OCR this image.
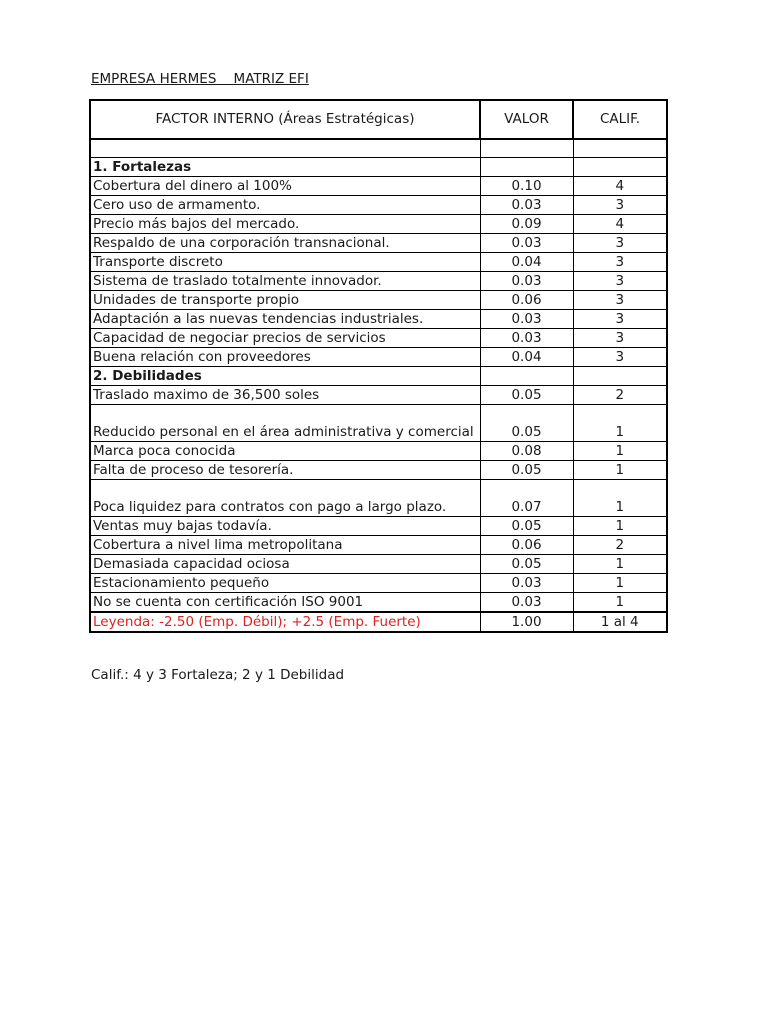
EMPRESA HERMES    MATRIZ EFI
FACTOR INTERNO (Áreas Estratégicas)	VALOR	CALIF.

1. Fortalezas		
Cobertura del dinero al 100%	0.10	4
Cero uso de armamento.	0.03	3
Precio más bajos del mercado.	0.09	4
Respaldo de una corporación transnacional.	0.03	3
Transporte discreto	0.04	3
Sistema de traslado totalmente innovador.	0.03	3
Unidades de transporte propio	0.06	3
Adaptación a las nuevas tendencias industriales.	0.03	3
Capacidad de negociar precios de servicios	0.03	3
Buena relación con proveedores	0.04	3
2. Debilidades		
Traslado maximo de 36,500 soles	0.05	2
Reducido personal en el área administrativa y comercial	0.05	1
Marca poca conocida	0.08	1
Falta de proceso de tesorería.	0.05	1
Poca liquidez para contratos con pago a largo plazo.	0.07	1
Ventas muy bajas todavía.	0.05	1
Cobertura a nivel lima metropolitana	0.06	2
Demasiada capacidad ociosa	0.05	1
Estacionamiento pequeño	0.03	1
No se cuenta con certificación ISO 9001	0.03	1
Leyenda: -2.50 (Emp. Débil); +2.5 (Emp. Fuerte)	1.00	1 al 4
Calif.: 4 y 3 Fortaleza; 2 y 1 Debilidad
